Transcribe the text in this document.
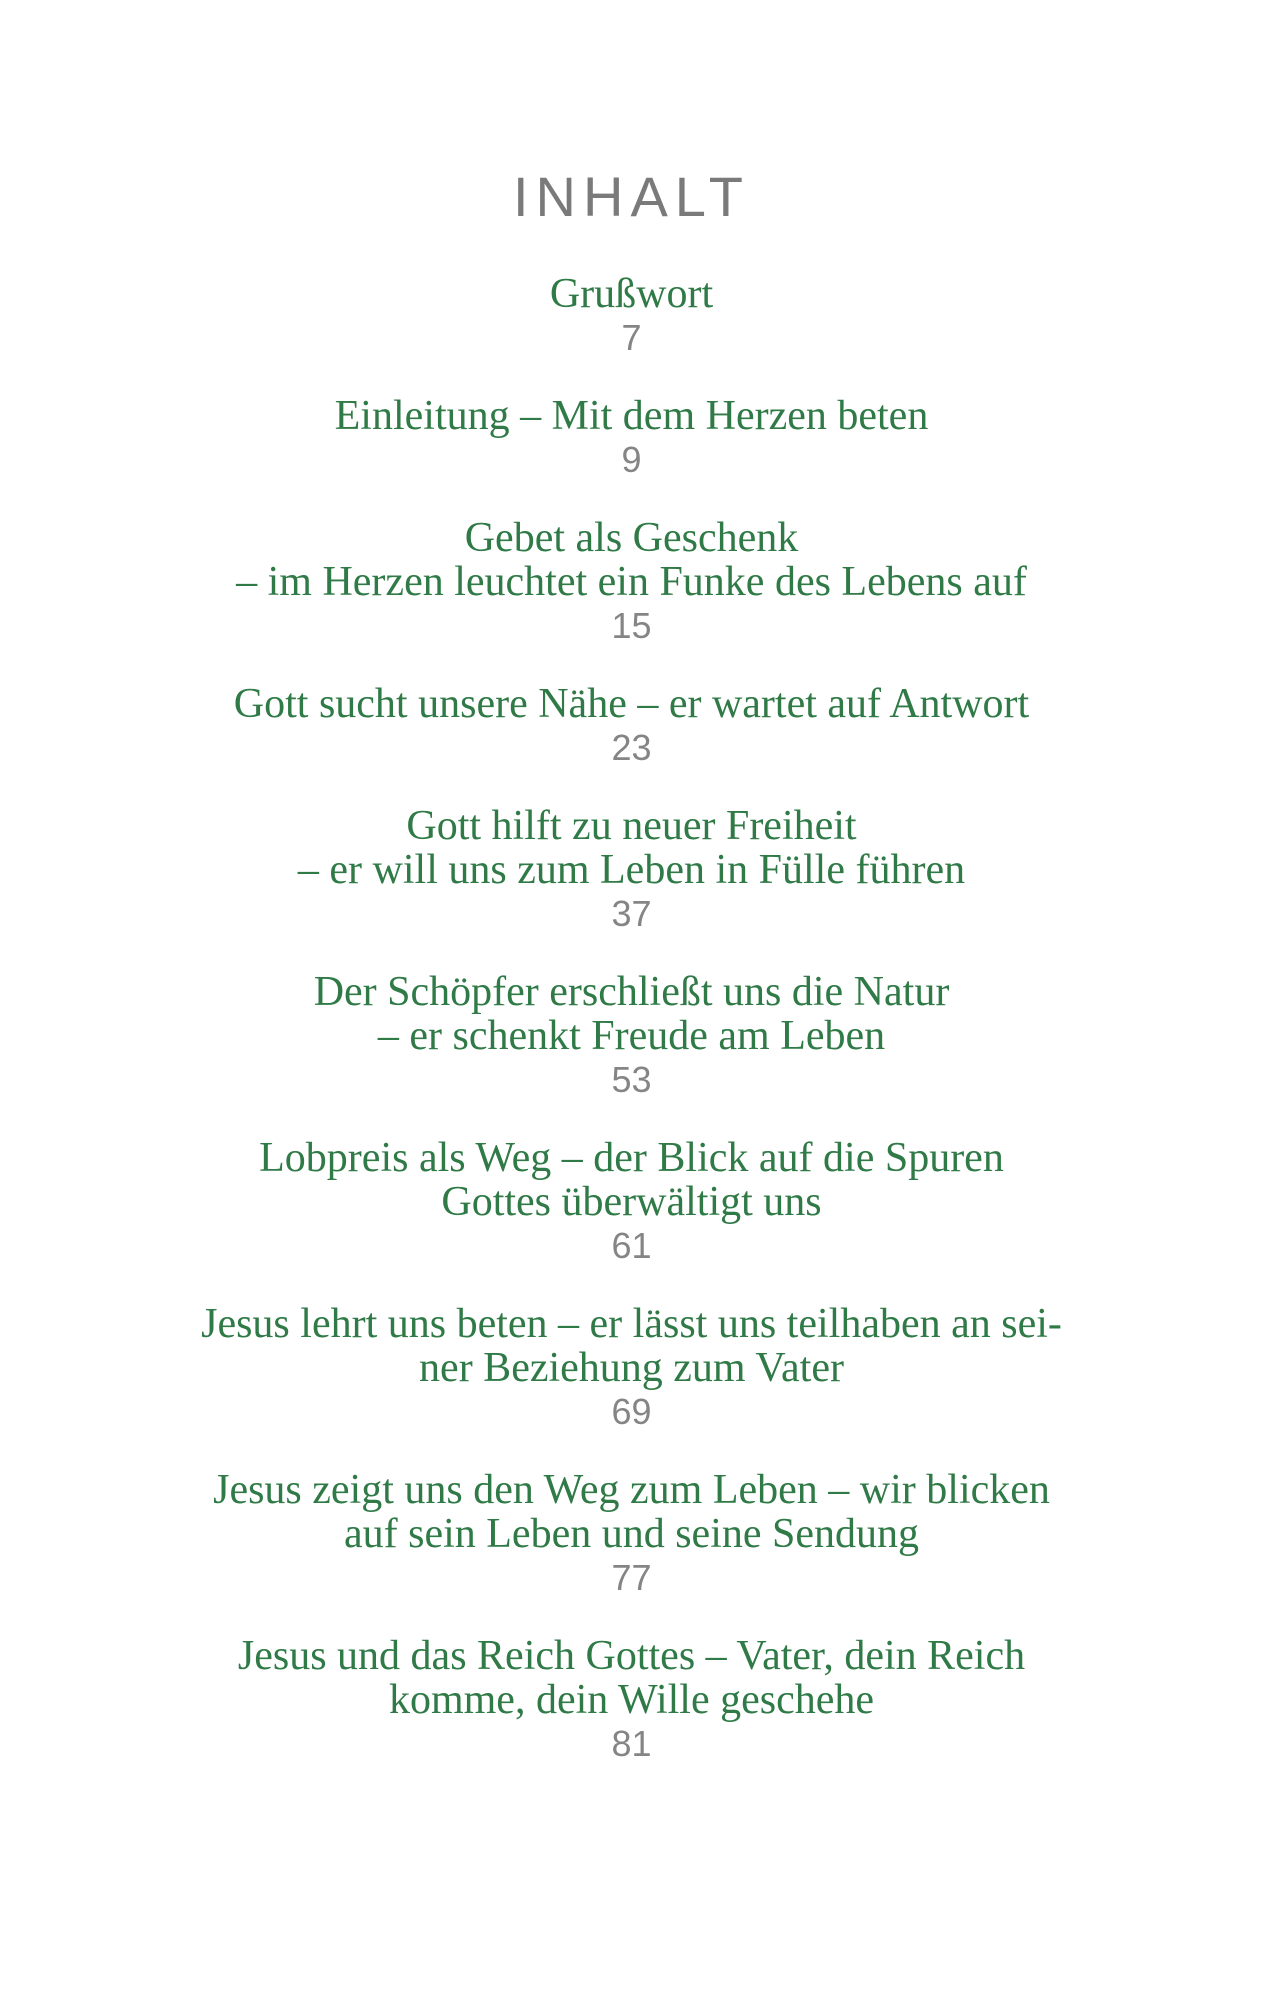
INHALT
Grußwort
7
Einleitung – Mit dem Herzen beten
9
Gebet als Geschenk
– im Herzen leuchtet ein Funke des Lebens auf
15
Gott sucht unsere Nähe – er wartet auf Antwort
23
Gott hilft zu neuer Freiheit
– er will uns zum Leben in Fülle führen
37
Der Schöpfer erschließt uns die Natur
– er schenkt Freude am Leben
53
Lobpreis als Weg – der Blick auf die Spuren
Gottes überwältigt uns
61
Jesus lehrt uns beten – er lässt uns teilhaben an sei-
ner Beziehung zum Vater
69
Jesus zeigt uns den Weg zum Leben – wir blicken
auf sein Leben und seine Sendung
77
Jesus und das Reich Gottes – Vater, dein Reich
komme, dein Wille geschehe
81
